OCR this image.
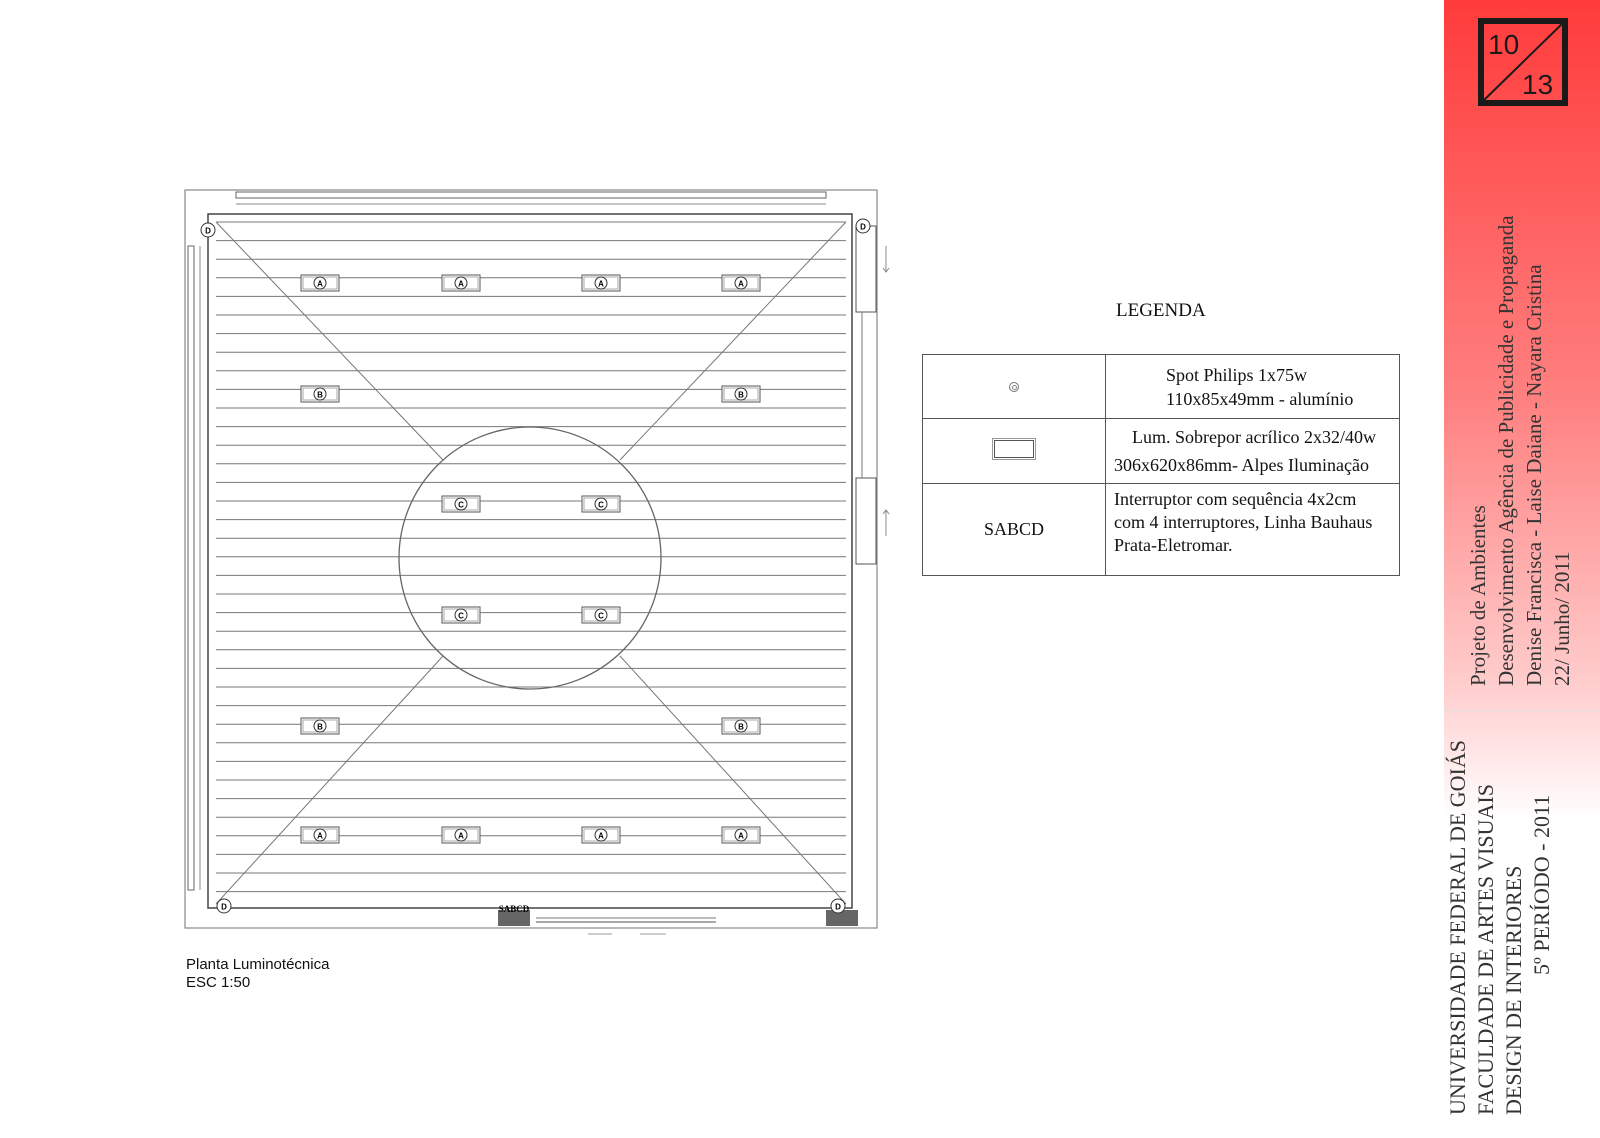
A	A	A	A
A	A	A	A
B	B
B	B
C	C
C	C
D	D
D	D
SABCD
Planta Luminotécnica
ESC 1:50
LEGENDA

	Spot Philips 1x75w
110x85x49mm - alumínio

	Lum. Sobrepor acrílico 2x32/40w
306x620x86mm- Alpes Iluminação

SABCD	Interruptor com sequência 4x2cm
com 4 interruptores, Linha Bauhaus
Prata-Eletromar.
10
13
Projeto de Ambientes Desenvolvimento Agência de Publicidade e Propaganda Denise Francisca - Laise Daiane - Nayara Cristina 22/ Junho/ 2011
UNIVERSIDADE FEDERAL DE GOIÁS FACULDADE DE ARTES VISUAIS DESIGN DE INTERIORES 5º PERÍODO - 2011
